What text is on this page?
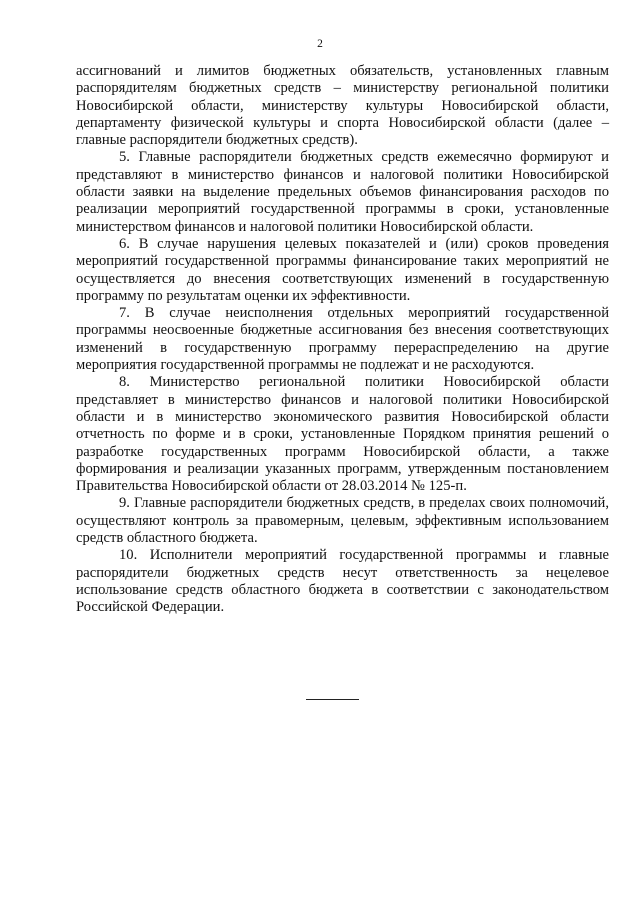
2

ассигнований и лимитов бюджетных обязательств, установленных главным распорядителям бюджетных средств – министерству региональной политики Новосибирской области, министерству культуры Новосибирской области, департаменту физической культуры и спорта Новосибирской области (далее – главные распорядители бюджетных средств).

5. Главные распорядители бюджетных средств ежемесячно формируют и представляют в министерство финансов и налоговой политики Новосибирской области заявки на выделение предельных объемов финансирования расходов по реализации мероприятий государственной программы в сроки, установленные министерством финансов и налоговой политики Новосибирской области.

6. В случае нарушения целевых показателей и (или) сроков проведения мероприятий государственной программы финансирование таких мероприятий не осуществляется до внесения соответствующих изменений в государственную программу по результатам оценки их эффективности.

7. В случае неисполнения отдельных мероприятий государственной программы неосвоенные бюджетные ассигнования без внесения соответствующих изменений в государственную программу перераспределению на другие мероприятия государственной программы не подлежат и не расходуются.

8. Министерство региональной политики Новосибирской области представляет в министерство финансов и налоговой политики Новосибирской области и в министерство экономического развития Новосибирской области отчетность по форме и в сроки, установленные Порядком принятия решений о разработке государственных программ Новосибирской области, а также формирования и реализации указанных программ, утвержденным постановлением Правительства Новосибирской области от 28.03.2014 № 125-п.

9. Главные распорядители бюджетных средств, в пределах своих полномочий, осуществляют контроль за правомерным, целевым, эффективным использованием средств областного бюджета.

10. Исполнители мероприятий государственной программы и главные распорядители бюджетных средств несут ответственность за нецелевое использование средств областного бюджета в соответствии с законодательством Российской Федерации.
